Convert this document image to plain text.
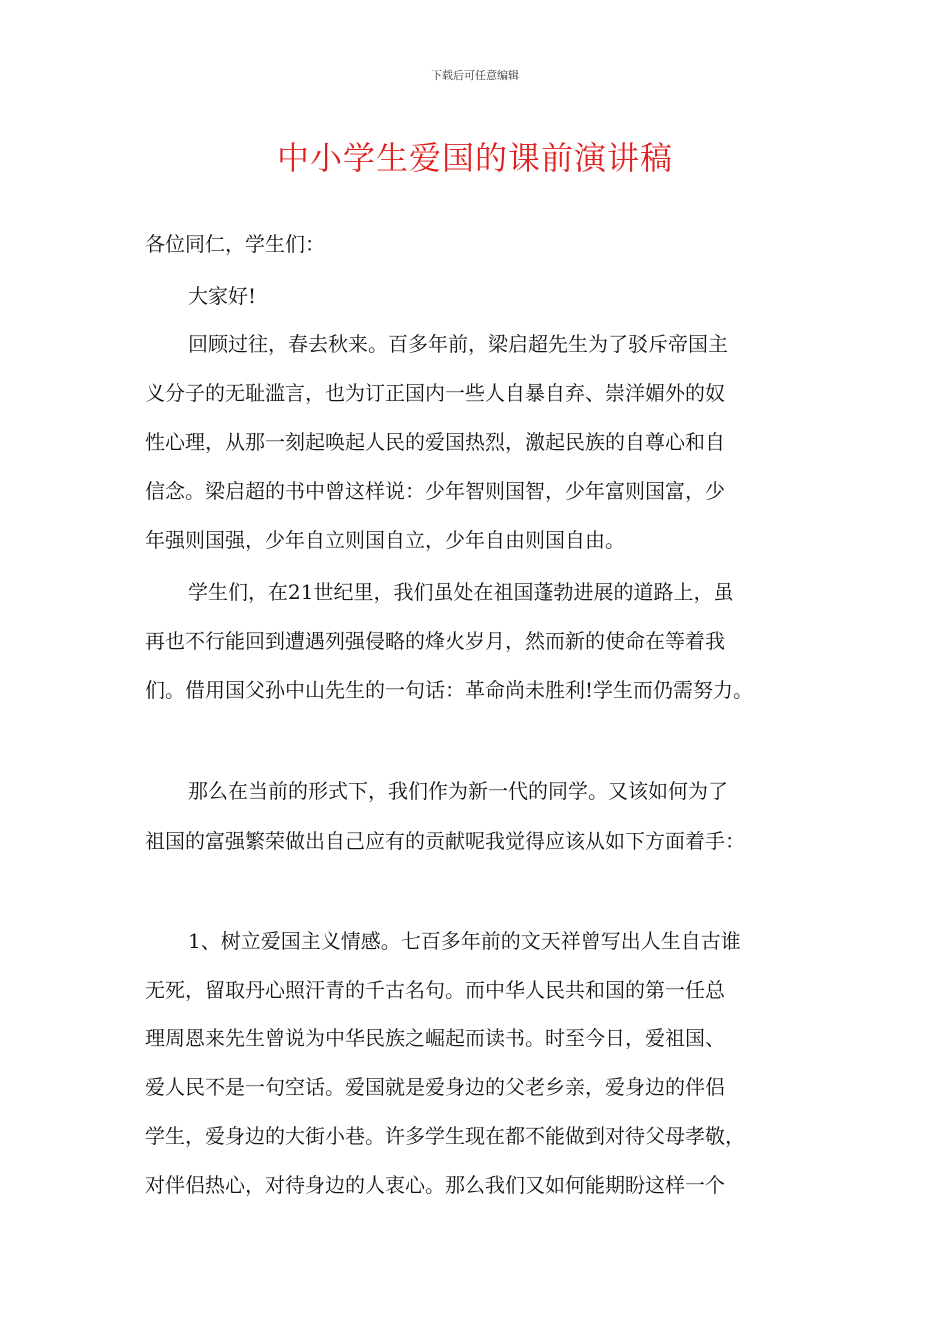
下载后可任意编辑
中小学生爱国的课前演讲稿
各位同仁，学生们：
大家好!
回顾过往，春去秋来。百多年前，梁启超先生为了驳斥帝国主
义分子的无耻滥言，也为订正国内一些人自暴自弃、崇洋媚外的奴
性心理，从那一刻起唤起人民的爱国热烈，激起民族的自尊心和自
信念。梁启超的书中曾这样说：少年智则国智，少年富则国富，少
年强则国强，少年自立则国自立，少年自由则国自由。
学生们，在21世纪里，我们虽处在祖国蓬勃进展的道路上，虽
再也不行能回到遭遇列强侵略的烽火岁月，然而新的使命在等着我
们。借用国父孙中山先生的一句话：革命尚未胜利!学生而仍需努力。
那么在当前的形式下，我们作为新一代的同学。又该如何为了
祖国的富强繁荣做出自己应有的贡献呢我觉得应该从如下方面着手：
1、树立爱国主义情感。七百多年前的文天祥曾写出人生自古谁
无死，留取丹心照汗青的千古名句。而中华人民共和国的第一任总
理周恩来先生曾说为中华民族之崛起而读书。时至今日，爱祖国、
爱人民不是一句空话。爱国就是爱身边的父老乡亲，爱身边的伴侣
学生，爱身边的大街小巷。许多学生现在都不能做到对待父母孝敬，
对伴侣热心，对待身边的人衷心。那么我们又如何能期盼这样一个
